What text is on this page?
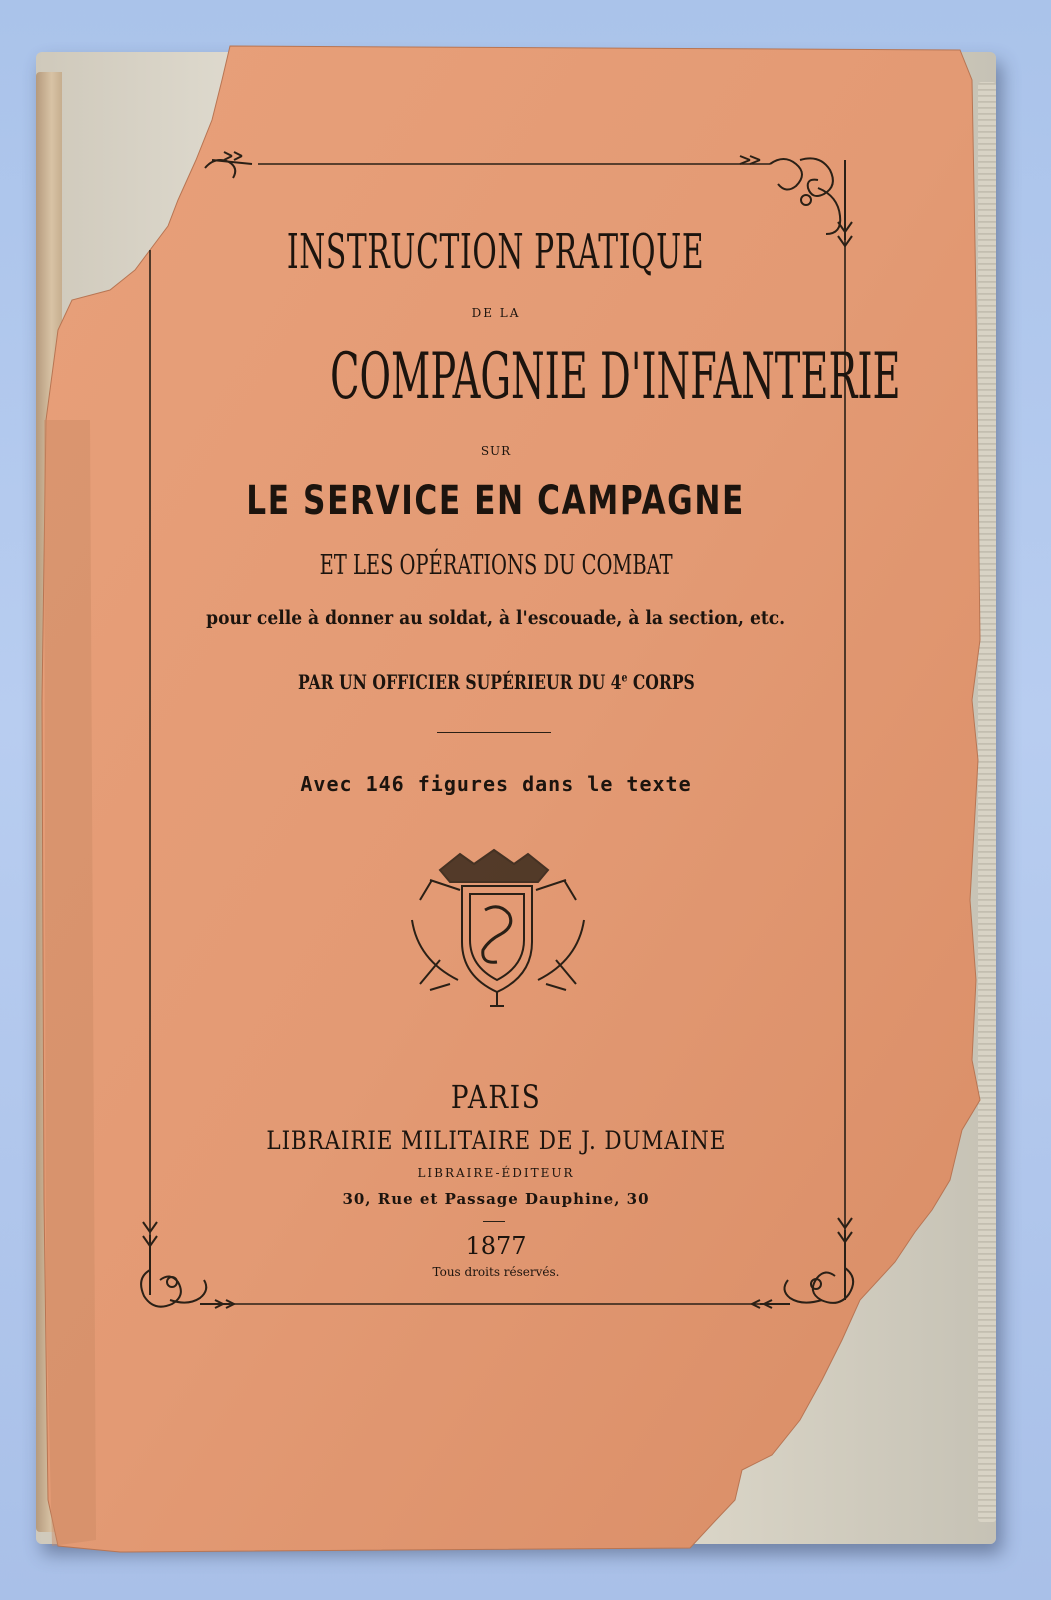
INSTRUCTION PRATIQUE
DE LA
COMPAGNIE D'INFANTERIE
SUR
LE SERVICE EN CAMPAGNE
ET LES OPÉRATIONS DU COMBAT
pour celle à donner au soldat, à l'escouade, à la section, etc.
PAR UN OFFICIER SUPÉRIEUR DU 4e CORPS
Avec 146 figures dans le texte
PARIS
LIBRAIRIE MILITAIRE DE J. DUMAINE
LIBRAIRE-ÉDITEUR
30, Rue et Passage Dauphine, 30
1877
Tous droits réservés.
